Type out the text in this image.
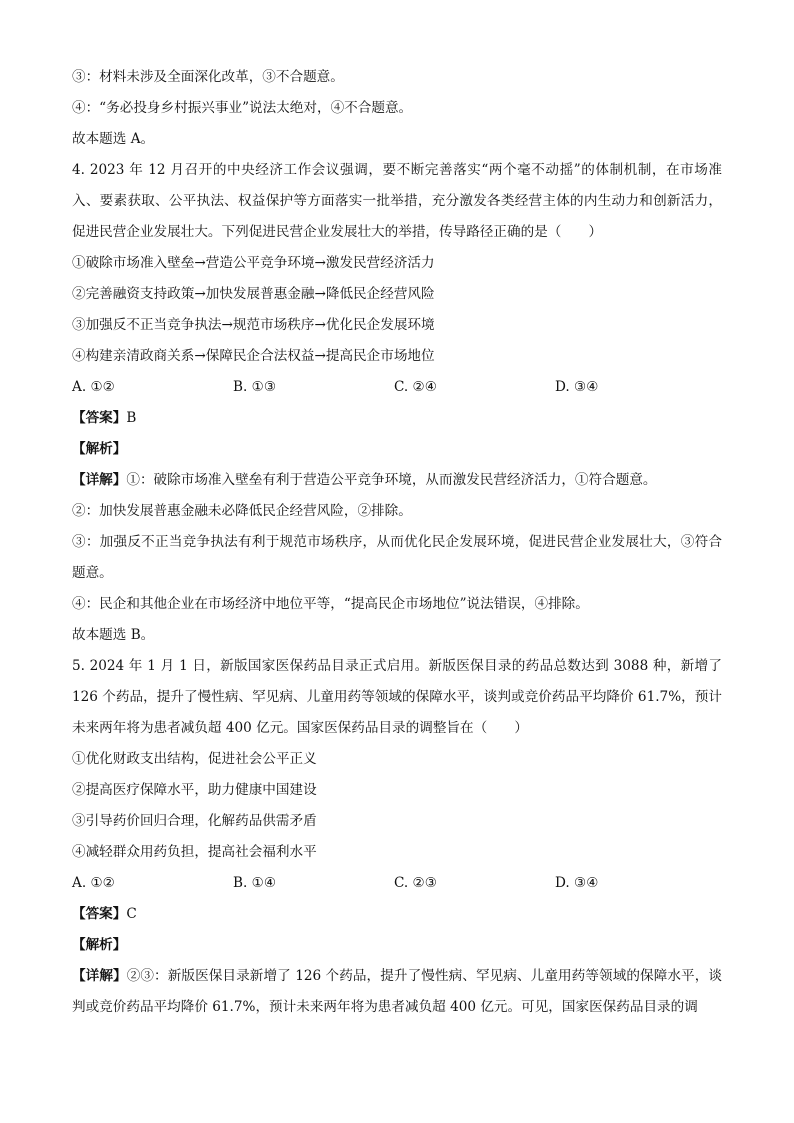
③：材料未涉及全面深化改革，③不合题意。
④：“务必投身乡村振兴事业”说法太绝对，④不合题意。
故本题选 A。
4. 2023 年 12 月召开的中央经济工作会议强调，要不断完善落实“两个毫不动摇”的体制机制，在市场准入、要素获取、公平执法、权益保护等方面落实一批举措，充分激发各类经营主体的内生动力和创新活力，促进民营企业发展壮大。下列促进民营企业发展壮大的举措，传导路径正确的是（　　）
①破除市场准入壁垒→营造公平竞争环境→激发民营经济活力
②完善融资支持政策→加快发展普惠金融→降低民企经营风险
③加强反不正当竞争执法→规范市场秩序→优化民企发展环境
④构建亲清政商关系→保障民企合法权益→提高民企市场地位
A. ①②	B. ①③	C. ②④	D. ③④
【答案】B
【解析】
【详解】①：破除市场准入壁垒有利于营造公平竞争环境，从而激发民营经济活力，①符合题意。
②：加快发展普惠金融未必降低民企经营风险，②排除。
③：加强反不正当竞争执法有利于规范市场秩序，从而优化民企发展环境，促进民营企业发展壮大，③符合题意。
④：民企和其他企业在市场经济中地位平等，“提高民企市场地位”说法错误，④排除。
故本题选 B。
5. 2024 年 1 月 1 日，新版国家医保药品目录正式启用。新版医保目录的药品总数达到 3088 种，新增了 126 个药品，提升了慢性病、罕见病、儿童用药等领域的保障水平，谈判或竞价药品平均降价 61.7%，预计未来两年将为患者减负超 400 亿元。国家医保药品目录的调整旨在（　　）
①优化财政支出结构，促进社会公平正义
②提高医疗保障水平，助力健康中国建设
③引导药价回归合理，化解药品供需矛盾
④减轻群众用药负担，提高社会福利水平
A. ①②	B. ①④	C. ②③	D. ③④
【答案】C
【解析】
【详解】②③：新版医保目录新增了 126 个药品，提升了慢性病、罕见病、儿童用药等领域的保障水平，谈判或竞价药品平均降价 61.7%，预计未来两年将为患者减负超 400 亿元。可见，国家医保药品目录的调
